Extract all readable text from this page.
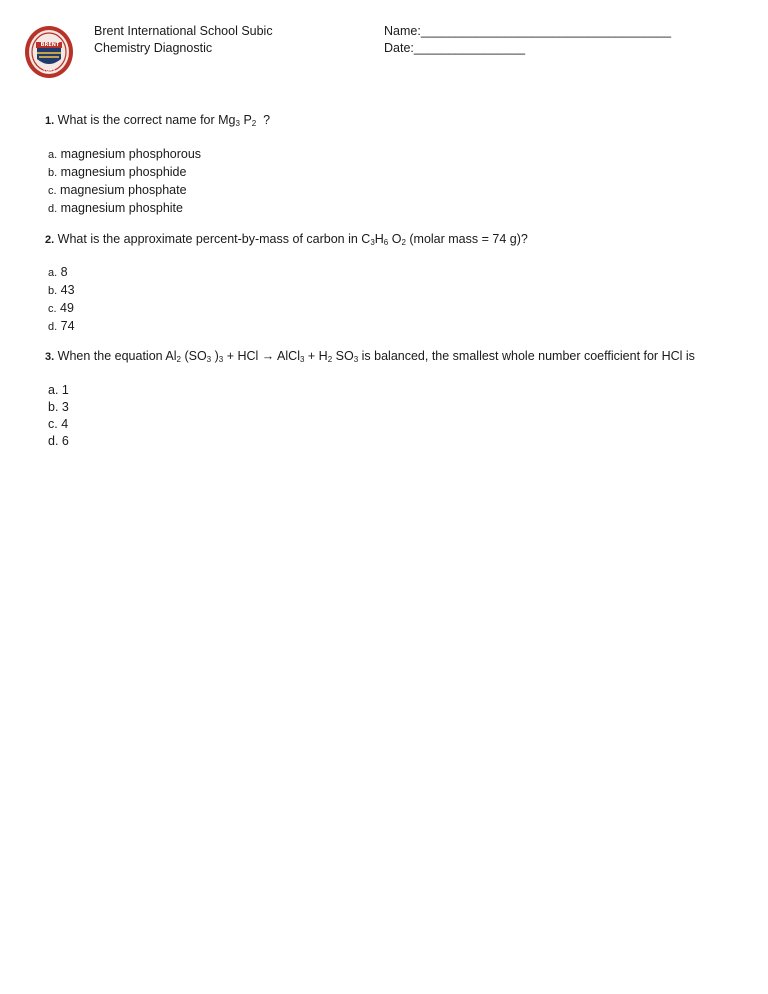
BRENT
1984
Brent International School Subic
Chemistry Diagnostic
Name:____________________________________
Date:________________
1. What is the correct name for $Mg_3$ $P_2$  ?
a. magnesium phosphorous
b. magnesium phosphide
c. magnesium phosphate
d. magnesium phosphite
2. What is the approximate percent-by-mass of carbon in $C_3H_6$ $O_2$ (molar mass = 74 g)?
a. 8
b. 43
c. 49
d. 74
3. When the equation $Al_2$ ($SO_3$ )$_3$ + HCl → AlCl$_3$ + $H_2$ $SO_3$ is balanced, the smallest whole number coefficient for HCl is
a. 1
b. 3
c. 4
d. 6
